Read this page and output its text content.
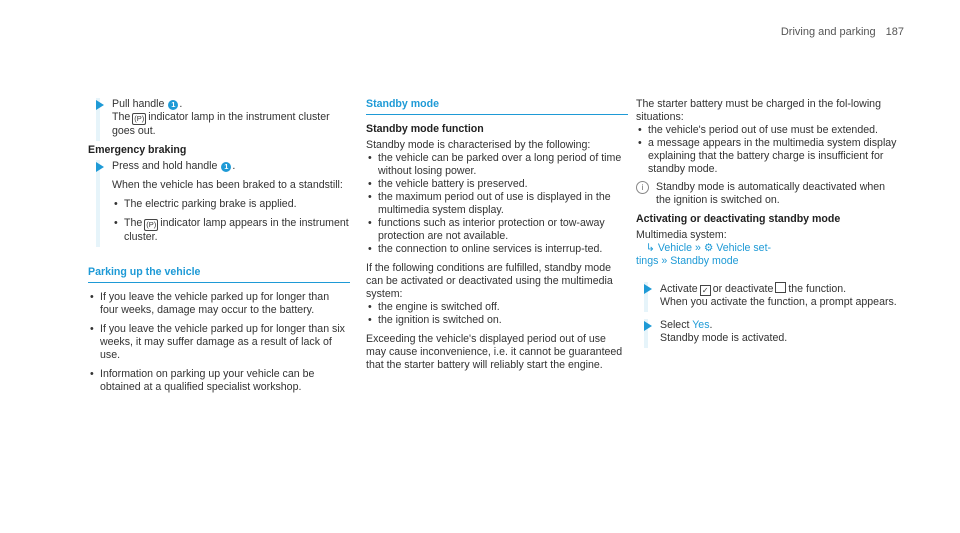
Driving and parking 187

Pull handle 1 .

The (P) indicator lamp in the instrument cluster goes out.

Emergency braking

Press and hold handle 1 .

When the vehicle has been braked to a standstill:

• The electric parking brake is applied.
• The (P) indicator lamp appears in the instrument cluster.

Parking up the vehicle

• If you leave the vehicle parked up for longer than four weeks, damage may occur to the battery.
• If you leave the vehicle parked up for longer than six weeks, it may suffer damage as a result of lack of use.
• Information on parking up your vehicle can be obtained at a qualified specialist workshop.

Standby mode

Standby mode function

Standby mode is characterised by the following:

• the vehicle can be parked over a long period of time without losing power.
• the vehicle battery is preserved.
• the maximum period out of use is displayed in the multimedia system display.
• functions such as interior protection or tow-away protection are not available.
• the connection to online services is interrup-ted.

If the following conditions are fulfilled, standby mode can be activated or deactivated using the multimedia system:

• the engine is switched off.
• the ignition is switched on.

Exceeding the vehicle's displayed period out of use may cause inconvenience, i.e. it cannot be guaranteed that the starter battery will reliably start the engine.

The starter battery must be charged in the fol-lowing situations:

• the vehicle's period out of use must be extended.
• a message appears in the multimedia system display explaining that the battery charge is insufficient for standby mode.
i	Standby mode is automatically deactivated when the ignition is switched on.

Activating or deactivating standby mode

Multimedia system:

↳ Vehicle » ⚙ Vehicle set-

tings » Standby mode

Activate ✓ or deactivate the function.

When you activate the function, a prompt appears.

Select Yes.

Standby mode is activated.
